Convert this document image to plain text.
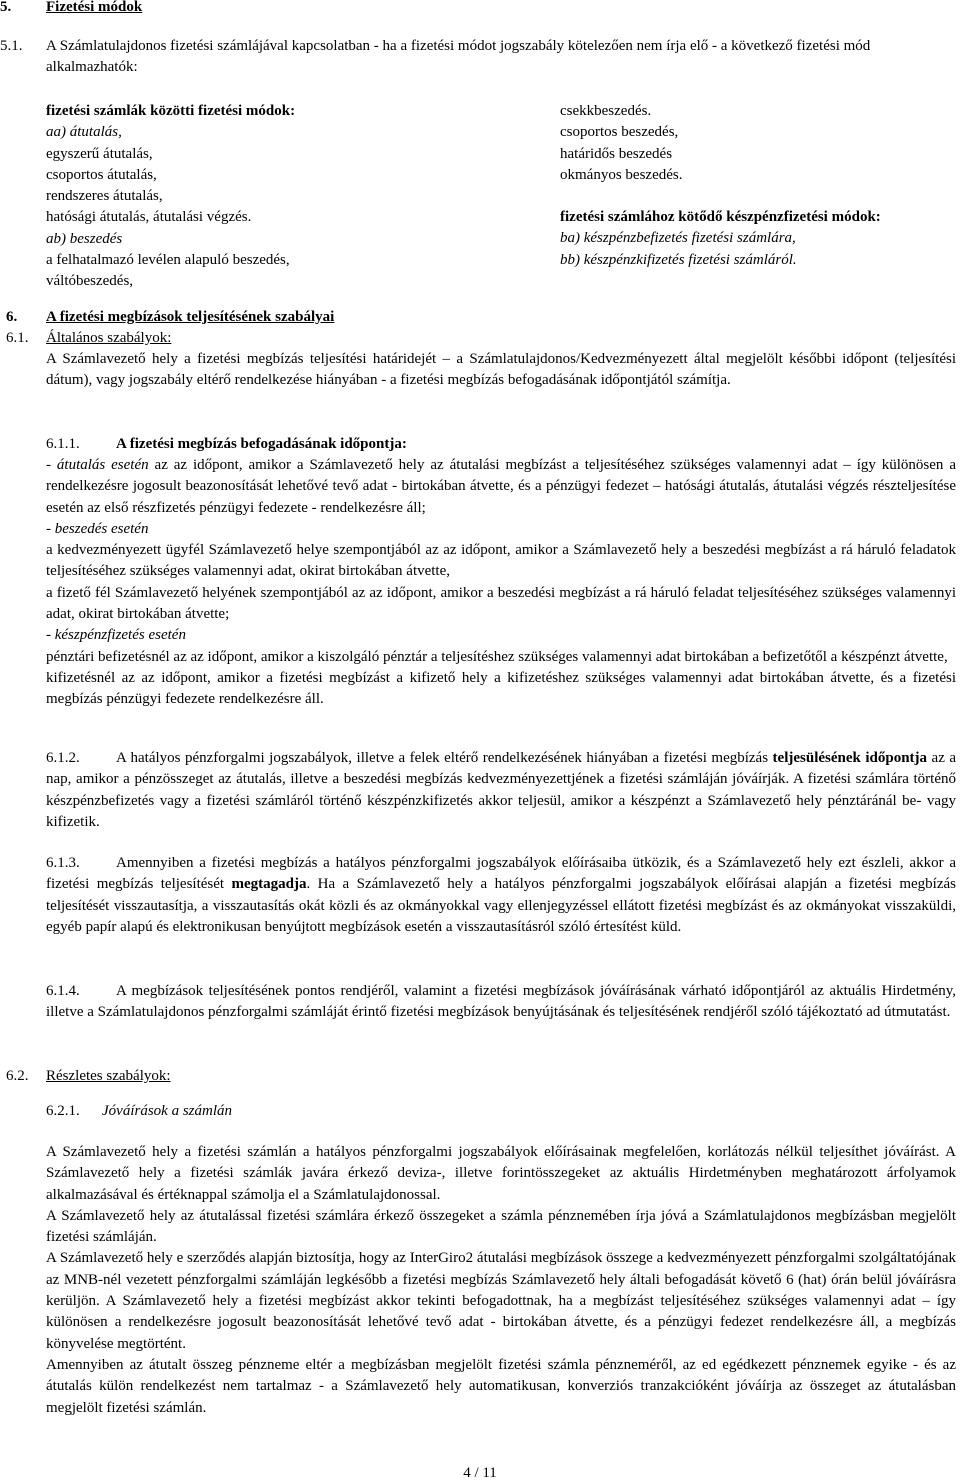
5. Fizetési módok
5.1. A Számlatulajdonos fizetési számlájával kapcsolatban - ha a fizetési módot jogszabály kötelezően nem írja elő - a következő fizetési mód alkalmazhatók:
fizetési számlák közötti fizetési módok:
aa) átutalás,
egyszerű átutalás,
csoportos átutalás,
rendszeres átutalás,
hatósági átutalás, átutalási végzés.
ab) beszedés
a felhatalmazó levélen alapuló beszedés,
váltóbeszedés,
csekkbeszedés.
csoportos beszedés,
határidős beszedés
okmányos beszedés.
fizetési számlához kötődő készpénzfizetési módok:
ba) készpénzbefizetés fizetési számlára,
bb) készpénzkifizetés fizetési számláról.
6. A fizetési megbízások teljesítésének szabályai
6.1. Általános szabályok:
A Számlavezető hely a fizetési megbízás teljesítési határidejét – a Számlatulajdonos/Kedvezményezett által megjelölt későbbi időpont (teljesítési dátum), vagy jogszabály eltérő rendelkezése hiányában - a fizetési megbízás befogadásának időpontjától számítja.
6.1.1. A fizetési megbízás befogadásának időpontja:

- átutalás esetén az az időpont, amikor a Számlavezető hely az átutalási megbízást a teljesítéséhez szükséges valamennyi adat – így különösen a rendelkezésre jogosult beazonosítását lehetővé tevő adat - birtokában átvette, és a pénzügyi fedezet – hatósági átutalás, átutalási végzés részteljesítése esetén az első részfizetés pénzügyi fedezete - rendelkezésre áll;

- beszedés esetén

a kedvezményezett ügyfél Számlavezető helye szempontjából az az időpont, amikor a Számlavezető hely a beszedési megbízást a rá háruló feladatok teljesítéséhez szükséges valamennyi adat, okirat birtokában átvette,

a fizető fél Számlavezető helyének szempontjából az az időpont, amikor a beszedési megbízást a rá háruló feladat teljesítéséhez szükséges valamennyi adat, okirat birtokában átvette;

- készpénzfizetés esetén

pénztári befizetésnél az az időpont, amikor a kiszolgáló pénztár a teljesítéshez szükséges valamennyi adat birtokában a befizetőtől a készpénzt átvette,

kifizetésnél az az időpont, amikor a fizetési megbízást a kifizető hely a kifizetéshez szükséges valamennyi adat birtokában átvette, és a fizetési megbízás pénzügyi fedezete rendelkezésre áll.

6.1.2. A hatályos pénzforgalmi jogszabályok, illetve a felek eltérő rendelkezésének hiányában a fizetési megbízás teljesülésének időpontja az a nap, amikor a pénzösszeget az átutalás, illetve a beszedési megbízás kedvezményezettjének a fizetési számláján jóváírják. A fizetési számlára történő készpénzbefizetés vagy a fizetési számláról történő készpénzkifizetés akkor teljesül, amikor a készpénzt a Számlavezető hely pénztáránál be- vagy kifizetik.
6.1.3. Amennyiben a fizetési megbízás a hatályos pénzforgalmi jogszabályok előírásaiba ütközik, és a Számlavezető hely ezt észleli, akkor a fizetési megbízás teljesítését megtagadja. Ha a Számlavezető hely a hatályos pénzforgalmi jogszabályok előírásai alapján a fizetési megbízás teljesítését visszautasítja, a visszautasítás okát közli és az okmányokkal vagy ellenjegyzéssel ellátott fizetési megbízást és az okmányokat visszaküldi, egyéb papír alapú és elektronikusan benyújtott megbízások esetén a visszautasításról szóló értesítést küld.
6.1.4. A megbízások teljesítésének pontos rendjéről, valamint a fizetési megbízások jóváírásának várható időpontjáról az aktuális Hirdetmény, illetve a Számlatulajdonos pénzforgalmi számláját érintő fizetési megbízások benyújtásának és teljesítésének rendjéről szóló tájékoztató ad útmutatást.
6.2. Részletes szabályok:
6.2.1. Jóváírások a számlán

A Számlavezető hely a fizetési számlán a hatályos pénzforgalmi jogszabályok előírásainak megfelelően, korlátozás nélkül teljesíthet jóváírást. A Számlavezető hely a fizetési számlák javára érkező deviza-, illetve forintösszegeket az aktuális Hirdetményben meghatározott árfolyamok alkalmazásával és értéknappal számolja el a Számlatulajdonossal.

A Számlavezető hely az átutalással fizetési számlára érkező összegeket a számla pénznemében írja jóvá a Számlatulajdonos megbízásban megjelölt fizetési számláján.

A Számlavezető hely e szerződés alapján biztosítja, hogy az InterGiro2 átutalási megbízások összege a kedvezményezett pénzforgalmi szolgáltatójának az MNB-nél vezetett pénzforgalmi számláján legkésőbb a fizetési megbízás Számlavezető hely általi befogadását követő 6 (hat) órán belül jóváírásra kerüljön. A Számlavezető hely a fizetési megbízást akkor tekinti befogadottnak, ha a megbízást teljesítéséhez szükséges valamennyi adat – így különösen a rendelkezésre jogosult beazonosítását lehetővé tevő adat - birtokában átvette, és a pénzügyi fedezet rendelkezésre áll, a megbízás könyvelése megtörtént.

Amennyiben az átutalt összeg pénzneme eltér a megbízásban megjelölt fizetési számla pénzneméről, az ed egédkezett pénznemek egyike - és az átutalás külön rendelkezést nem tartalmaz - a Számlavezető hely automatikusan, konverziós tranzakcióként jóváírja az összeget az átutalásban megjelölt fizetési számlán.

4 / 11
